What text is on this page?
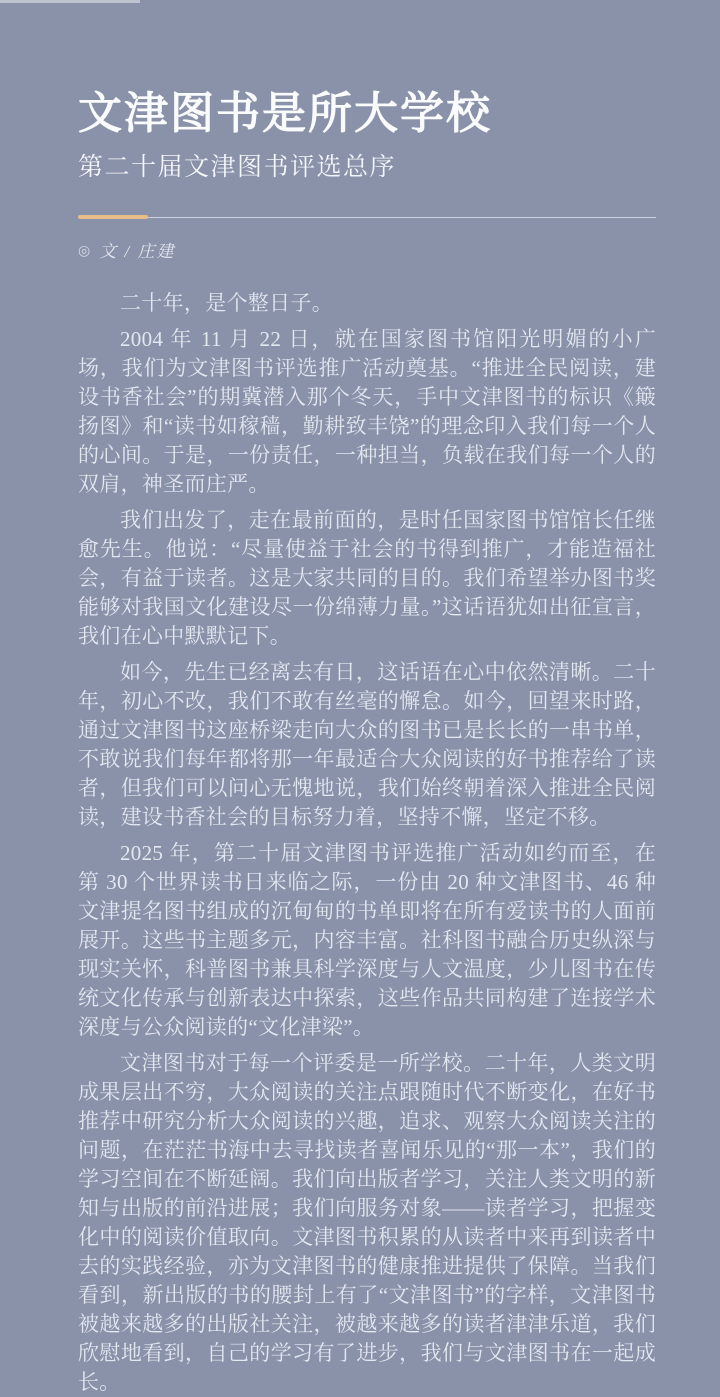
文津图书是所大学校
第二十届文津图书评选总序
◎ 文 / 庄建

二十年，是个整日子。

2004 年 11 月 22 日，就在国家图书馆阳光明媚的小广场，我们为文津图书评选推广活动奠基。“推进全民阅读，建设书香社会”的期冀潜入那个冬天，手中文津图书的标识《簸扬图》和“读书如稼穑，勤耕致丰饶”的理念印入我们每一个人的心间。于是，一份责任，一种担当，负载在我们每一个人的双肩，神圣而庄严。

我们出发了，走在最前面的，是时任国家图书馆馆长任继愈先生。他说：“尽量使益于社会的书得到推广，才能造福社会，有益于读者。这是大家共同的目的。我们希望举办图书奖能够对我国文化建设尽一份绵薄力量。”这话语犹如出征宣言，我们在心中默默记下。

如今，先生已经离去有日，这话语在心中依然清晰。二十年，初心不改，我们不敢有丝毫的懈怠。如今，回望来时路，通过文津图书这座桥梁走向大众的图书已是长长的一串书单，不敢说我们每年都将那一年最适合大众阅读的好书推荐给了读者，但我们可以问心无愧地说，我们始终朝着深入推进全民阅读，建设书香社会的目标努力着，坚持不懈，坚定不移。

2025 年，第二十届文津图书评选推广活动如约而至，在第 30 个世界读书日来临之际，一份由 20 种文津图书、46 种文津提名图书组成的沉甸甸的书单即将在所有爱读书的人面前展开。这些书主题多元，内容丰富。社科图书融合历史纵深与现实关怀，科普图书兼具科学深度与人文温度，少儿图书在传统文化传承与创新表达中探索，这些作品共同构建了连接学术深度与公众阅读的“文化津梁”。

文津图书对于每一个评委是一所学校。二十年，人类文明成果层出不穷，大众阅读的关注点跟随时代不断变化，在好书推荐中研究分析大众阅读的兴趣，追求、观察大众阅读关注的问题，在茫茫书海中去寻找读者喜闻乐见的“那一本”，我们的学习空间在不断延阔。我们向出版者学习，关注人类文明的新知与出版的前沿进展；我们向服务对象——读者学习，把握变化中的阅读价值取向。文津图书积累的从读者中来再到读者中去的实践经验，亦为文津图书的健康推进提供了保障。当我们看到，新出版的书的腰封上有了“文津图书”的字样，文津图书被越来越多的出版社关注，被越来越多的读者津津乐道，我们欣慰地看到，自己的学习有了进步，我们与文津图书在一起成长。
